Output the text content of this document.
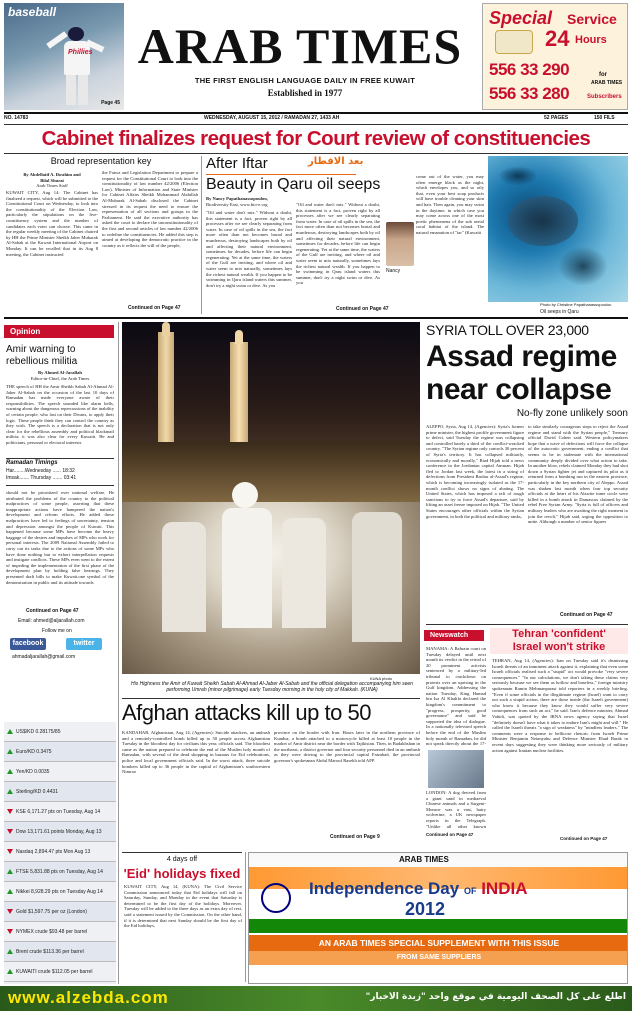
baseball
Phillies
Page 45
ARAB TIMES
THE FIRST ENGLISH LANGUAGE DAILY IN FREE KUWAIT
Established in 1977
Special Service
24 Hours
556 33 290
556 33 280
for
ARAB TIMES
Subscribers
NO. 14783	WEDNESDAY, AUGUST 15, 2012 / RAMADAN 27, 1433 AH	52 PAGES	150 FILS
Cabinet finalizes request for Court review of constituencies
Broad representation key
By Abdellatif A. Ibrahim and
Bilal Shurai
Arab Times Staff
KUWAIT CITY, Aug 14: The Cabinet has finalized a request, which will be submitted to the Constitutional Court on Wednesday, to look into the constitutionality of the Election Law, particularly the stipulations on the five-constituency system and the number of candidates each voter can choose. This came in the regular weekly meeting of the Cabinet chaired by HH the Prime Minister Sheikh Jaber Mubarak Al-Sabah at the Kuwait International Airport on Monday. It can be recalled that in its Aug 8 meeting, the Cabinet instructed
the Fatwa and Legislation Department to prepare a request for the Constitutional Court to look into the constitutionality of law number 42/2006 (Election Law). Minister of Information and State Minister for Cabinet Affairs Sheikh Mohammad Abdullah Al-Mubarak Al-Sabah disclosed the Cabinet stressed in its request the need to ensure the representation of all sections and groups in the Parliament. He said the executive authority has asked the court to declare the unconstitutionality of the first and second articles of law number 42/2006 to redefine the constituencies. He added this step is aimed at developing the democratic practice in the country as it reflects the will of the people,
Continued on Page 47
After Iftar	بعد الافطار
Beauty in Qaru oil seeps
By Nancy Papathanassopoulou,
Biodiversity East, www.bio-e.org
"Oil and water don't mix." Without a doubt, this statement is a fact, proven right by all processes after we see clearly separating from water. In case of oil spills in the sea, the fact more often than not becomes brutal and murderous, destroying landscapes both by oil and affecting their natural environment, sometimes for decades, before life can begin regenerating. Yet at the same time, the waters of the Gulf are inviting, and where oil and water seem to mix naturally, sometimes lays the richest natural wealth. If you happen to be swimming in Qaru island waters this summer, don't try a night swim or dive. As you
"Oil and water don't mix." Without a doubt, this statement is a fact, proven right by all processes after we see clearly separating from water. In case of oil spills in the sea, the fact more often than not becomes brutal and murderous, destroying landscapes both by oil and affecting their natural environment, sometimes for decades, before life can begin regenerating. Yet at the same time, the waters of the Gulf are inviting, and where oil and water seem to mix naturally, sometimes lays the richest natural wealth. If you happen to be swimming in Qaru island waters this summer, don't try a night swim or dive. As you
Nancy
come out of the water, you may often emerge black as the night, which envelopes you, and so oily that, even your best soap products will have trouble cleaning your skin and hair. Then again, you may swim in the daytime, in which case you may come across one of the most poetic phenomena of the sub aerial coral habitat of the island. The natural emanation of "tar" (Kuwaiti
Continued on Page 47
Photo by Christine Papathanassopoulou
Oil seeps in Qaru
Opinion
Amir warning to rebellious militia
By Ahmed Al-Jarallah
Editor-in-Chief, the Arab Times
THE speech of HH the Amir Sheikh Sabah Al-Ahmad Al-Jaber Al-Sabah on the occasion of the last 10 days of Ramadan has made everyone aware of their responsibilities. The speech sounded like alarm bells, warning about the dangerous repercussions of the inability of certain people, who last on their Divans, to apply their logic. These people think they can control the country as they wish. The speech is a declaration that is not only clear for the rebellious assembly and political blackmail militia; it was also clear for every Kuwaiti. He and politicians, personal or electoral interests
Ramadan Timings
Har........Wednesday ...... 18:32
Imsak....... Thursday ....... 03:41
should not be prioritized over national welfare. He attributed the problems of the country to the political malpractices of some people, asserting that these inappropriate actions have hampered the nation's development and reform efforts. He added these malpractices have led to feelings of uncertainty, tension and depression amongst the people of Kuwait. This happened because some MPs have become the heavy baggage of the desires and impulses of MPs who work for personal interests. The 2009 National Assembly failed to carry out its tasks due to the actions of some MPs who have done nothing but to exhort interpellation requests and instigate conflicts. These MPs even went to the extent of impeding the implementation of the first phase of the development plan by holding false hearings. They presented draft bills to make Kuwait.one symbol of the demonstration in public and its attitude towards
Continued on Page 47
Email: ahmed@aljarallah.com
Follow me on
facebook	twitter
ahmadaljarallah@gmail.com
US$/KD 0.28175/85
Euro/KD 0.3475
Yen/KD 0.0035
Sterling/KD 0.4431
KSE 6,171.27 pts on Tuesday, Aug 14
Dow 13,171.61 points Monday, Aug 13
Nasdaq 2,894.47 pts Mon Aug 13
FTSE 5,831.88 pts on Tuesday, Aug 14
Nikkei 8,928.29 pts on Tuesday Aug 14
Gold $1,597.75 per oz (London)
NYMEX crude $93.48 per barrel
Brent crude $113.36 per barrel
KUWAITI crude $112.05 per barrel
KUNA photo
His Highness the Amir of Kuwait Sheikh Sabah Al-Ahmad Al-Jaber Al-Sabah and the official delegation accompanying him seen performing Umrah (minor pilgrimage) early Tuesday morning in the holy city of Makkah. (KUNA)
SYRIA TOLL OVER 23,000
Assad regime near collapse
No-fly zone unlikely soon
ALEPPO, Syria, Aug 14, (Agencies): Syria's former prime minister, the highest profile government figure to defect, said Tuesday the regime was collapsing and controlled barely a third of the conflict-wracked country. "The Syrian regime only controls 30 percent of Syria's territory. It has collapsed militarily, economically and morally," Riad Hijab told a news conference in the Jordanian capital Amman. Hijab fled to Jordan last week, the latest in a string of defections from President Bashar al-Assad's regime, which is becoming increasingly isolated as the 17-month conflict shows no signs of abating. The United States, which has imposed a raft of tough sanctions to try to force Assad's departure, said by lifting an asset freeze imposed on Hijab. "The United States encourages other officials within the Syrian government, in both the political and military ranks,
to take similarly courageous steps to reject the Assad regime and stand with the Syrian people," Treasury official David Cohen said. Western policymakers hope that a wave of defections will force the collapse of the autocratic government, ending a conflict that seems to be in stalemate with the international community deeply divided over what action to take. In another blow, rebels claimed Monday they had shot down a Syrian fighter jet and captured its pilot as it returned from a bombing run in the eastern province, particularly in the key northern city of Aleppo. Assad was shaken last month when four top security officials at the heart of his Alawite inner circle were killed in a bomb attack in Damascus claimed by the rebel Free Syrian Army. "Syria is full of officers and military leaders who are awaiting the right moment to join the revolt," Hijab said, urging the opposition to unite. Although a number of senior figures
Continued on Page 47
Newswatch
MANAMA: A Bahrain court on Tuesday delayed until next month its verdict in the retrial of 20 prominent activists sentenced by a military-led tribunal to crackdown on protests over an uprising in the Gulf kingdom. Addressing the nation Tuesday, King Hamad bin Isa Al Khalifa declared the kingdom's commitment to "progress, prosperity, good governance" and said he supported the idea of dialogue. In a nationally televised speech before the end of the Muslim holy month of Ramadan, he did not speak directly about the 17-
LONDON: A dog derived from a giant sand in mediaeval Chinese animals and a Sargent-Monroe was a vast, hairy wolverine, a UK newspaper reports in the Telegraph. "Unlike all other known
Continued on Page 47
Tehran 'confident'
Israel won't strike
TEHRAN, Aug 14, (Agencies): Iran on Tuesday said it's dismissing Israeli threats of an imminent attack against it, explaining that even some Israeli officials realised such a "stupid" act would provoke "very severe consequences." "In our calculations, we don't taking these claims very seriously because we see them as hollow and baseless," foreign ministry spokesman Ramin Mehmanparast told reporters in a weekly briefing. "Even if some officials in the illegitimate regime (Israel) want to carry out such a stupid action, there are those inside (the Israeli government) who know it because they know they would suffer very severe consequences from such an act," he said. Iran's defence minister, Ahmad Vahidi, was quoted by the IRNA news agency saying that Israel "definitely doesn't have what it takes to endure Iran's might and will." He called the Israeli threats "a sign of weakness" by "mindless leaders." The comments were a response to bellicose rhetoric from Israeli Prime Minister Benjamin Netanyahu and Defence Minister Ehud Barak in recent days suggesting they were thinking more seriously of military action against Iranian nuclear facilities.
Continued on Page 47
Afghan attacks kill up to 50
KANDAHAR, Afghanistan, Aug 14, (Agencies): Suicide attackers, an ambush and a remotely-controlled bomb killed up to 50 people across Afghanistan Tuesday in the bloodiest day for civilians this year, officials said. The bloodiest came as the nation prepared to celebrate the end of the Muslim holy month of Ramadan, with several of the dead shopping in bazaars for Eid celebrations, police and local government officials said. In the worst attack, three suicide bombers killed up to 36 people in the capital of Afghanistan's southwestern Nimroz
province on the border with Iran. Hours later in the northern province of Kunduz, a bomb attached to a motorcycle killed at least 10 people in the market of Amir district near the border with Tajikistan. Then, in Badakhshan in the northeast, a district governor and four security personnel died in an ambush as they were driving to the provincial capital Faizabad, the provincial governor's spokesman Abdul Marouf Rasekh told AFP.
Continued on Page 9
4 days off
'Eid' holidays fixed
KUWAIT CITY, Aug 14, (KUNA): The Civil Service Commission announced today that Eid holidays will fall on Saturday, Sunday, and Monday in the event that Saturday is determined to be the first day of the holidays. Moreover, Tuesday will be added to the three days as an extra day of rest, said a statement issued by the Commission. On the other hand, if it is determined that next Sunday should be the first day of the Eid holidays,
ARAB TIMES
Independence Day OF INDIA
2012
AN ARAB TIMES SPECIAL SUPPLEMENT WITH THIS ISSUE
FROM SAME SUPPLIERS
www.alzebda.com	اطلع على كل الصحف اليومية في موقع واحد "زبدة الأخبار"
